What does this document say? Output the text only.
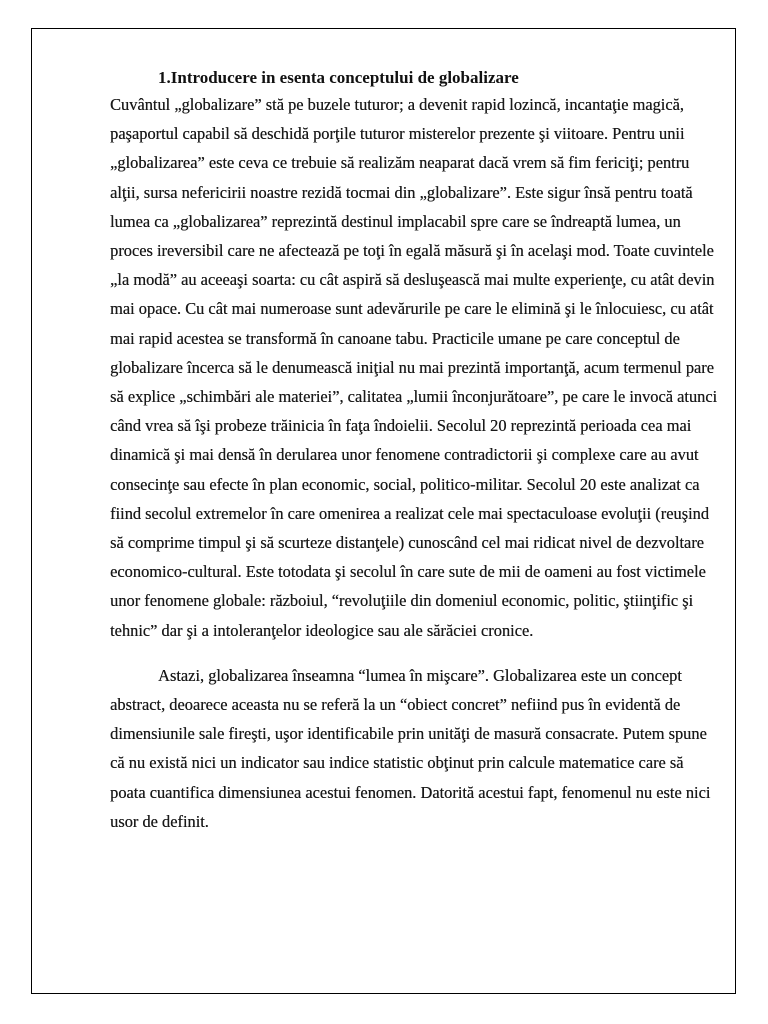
1.Introducere in esenta conceptului de globalizare

Cuvântul „globalizare” stă pe buzele tuturor; a devenit rapid lozincă, incantaţie magică, paşaportul capabil să deschidă porţile tuturor misterelor prezente şi viitoare. Pentru unii „globalizarea” este ceva ce trebuie să realizăm neaparat dacă vrem să fim fericiţi; pentru alţii, sursa nefericirii noastre rezidă tocmai din „globalizare”. Este sigur însă pentru toată lumea ca „globalizarea” reprezintă destinul implacabil spre care se îndreaptă lumea, un proces ireversibil care ne afectează pe toţi în egală măsură şi în acelaşi mod. Toate cuvintele „la modă” au aceeaşi soarta: cu cât aspiră să desluşească mai multe experienţe, cu atât devin mai opace. Cu cât mai numeroase sunt adevărurile pe care le elimină şi le înlocuiesc, cu atât mai rapid acestea se transformă în canoane tabu. Practicile umane pe care conceptul de globalizare încerca să le denumească iniţial nu mai prezintă importanţă, acum termenul pare să explice „schimbări ale materiei”, calitatea „lumii înconjurătoare”, pe care le invocă atunci când vrea să îşi probeze trăinicia în faţa îndoielii. Secolul 20 reprezintă perioada cea mai dinamică şi mai densă în derularea unor fenomene contradictorii şi complexe care au avut consecinţe sau efecte în plan economic, social, politico-militar. Secolul 20 este analizat ca fiind secolul extremelor în care omenirea a realizat cele mai spectaculoase evoluţii (reuşind să comprime timpul şi să scurteze distanţele) cunoscând cel mai ridicat nivel de dezvoltare economico-cultural. Este totodata şi secolul în care sute de mii de oameni au fost victimele unor fenomene globale: războiul, “revoluţiile din domeniul economic, politic, ştiinţific şi tehnic” dar şi a intoleranţelor ideologice sau ale sărăciei cronice.

Astazi, globalizarea înseamna “lumea în mişcare”. Globalizarea este un concept abstract, deoarece aceasta nu se referă la un “obiect concret” nefiind pus în evidentă de dimensiunile sale fireşti, uşor identificabile prin unităţi de masură consacrate. Putem spune că nu există nici un indicator sau indice statistic obţinut prin calcule matematice care să poata cuantifica dimensiunea acestui fenomen. Datorită acestui fapt, fenomenul nu este nici usor de definit.
